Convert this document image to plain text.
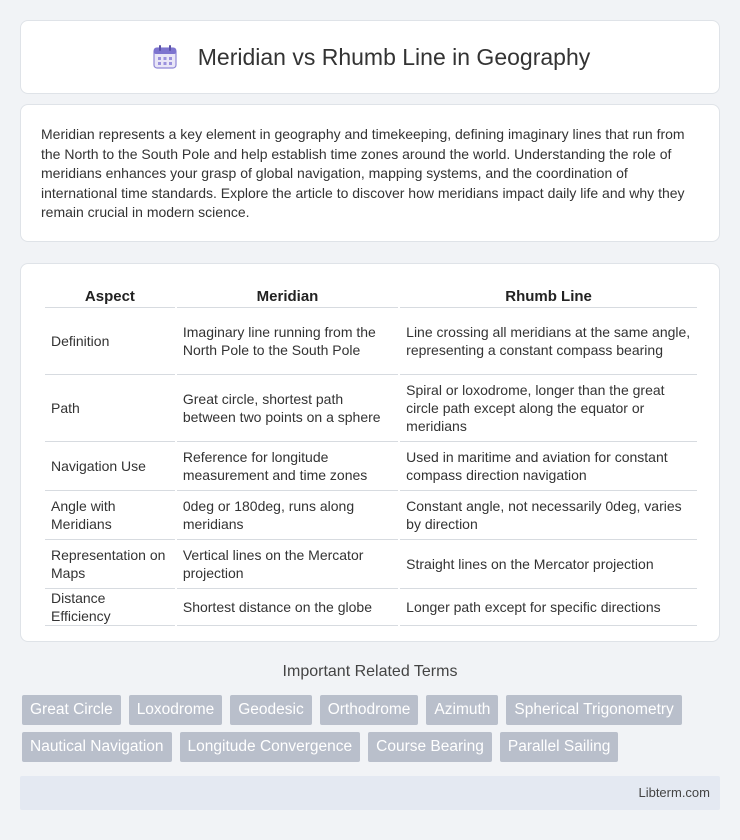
Meridian vs Rhumb Line in Geography

Meridian represents a key element in geography and timekeeping, defining imaginary lines that run from the North to the South Pole and help establish time zones around the world. Understanding the role of meridians enhances your grasp of global navigation, mapping systems, and the coordination of international time standards. Explore the article to discover how meridians impact daily life and why they remain crucial in modern science.

Aspect	Meridian	Rhumb Line
Definition	Imaginary line running from the North Pole to the South Pole	Line crossing all meridians at the same angle, representing a constant compass bearing
Path	Great circle, shortest path between two points on a sphere	Spiral or loxodrome, longer than the great circle path except along the equator or meridians
Navigation Use	Reference for longitude measurement and time zones	Used in maritime and aviation for constant compass direction navigation
Angle with Meridians	0deg or 180deg, runs along meridians	Constant angle, not necessarily 0deg, varies by direction
Representation on Maps	Vertical lines on the Mercator projection	Straight lines on the Mercator projection
Distance Efficiency	Shortest distance on the globe	Longer path except for specific directions
Important Related Terms
Great Circle	Loxodrome	Geodesic	Orthodrome	Azimuth	Spherical Trigonometry
Nautical Navigation	Longitude Convergence	Course Bearing	Parallel Sailing
Libterm.com
